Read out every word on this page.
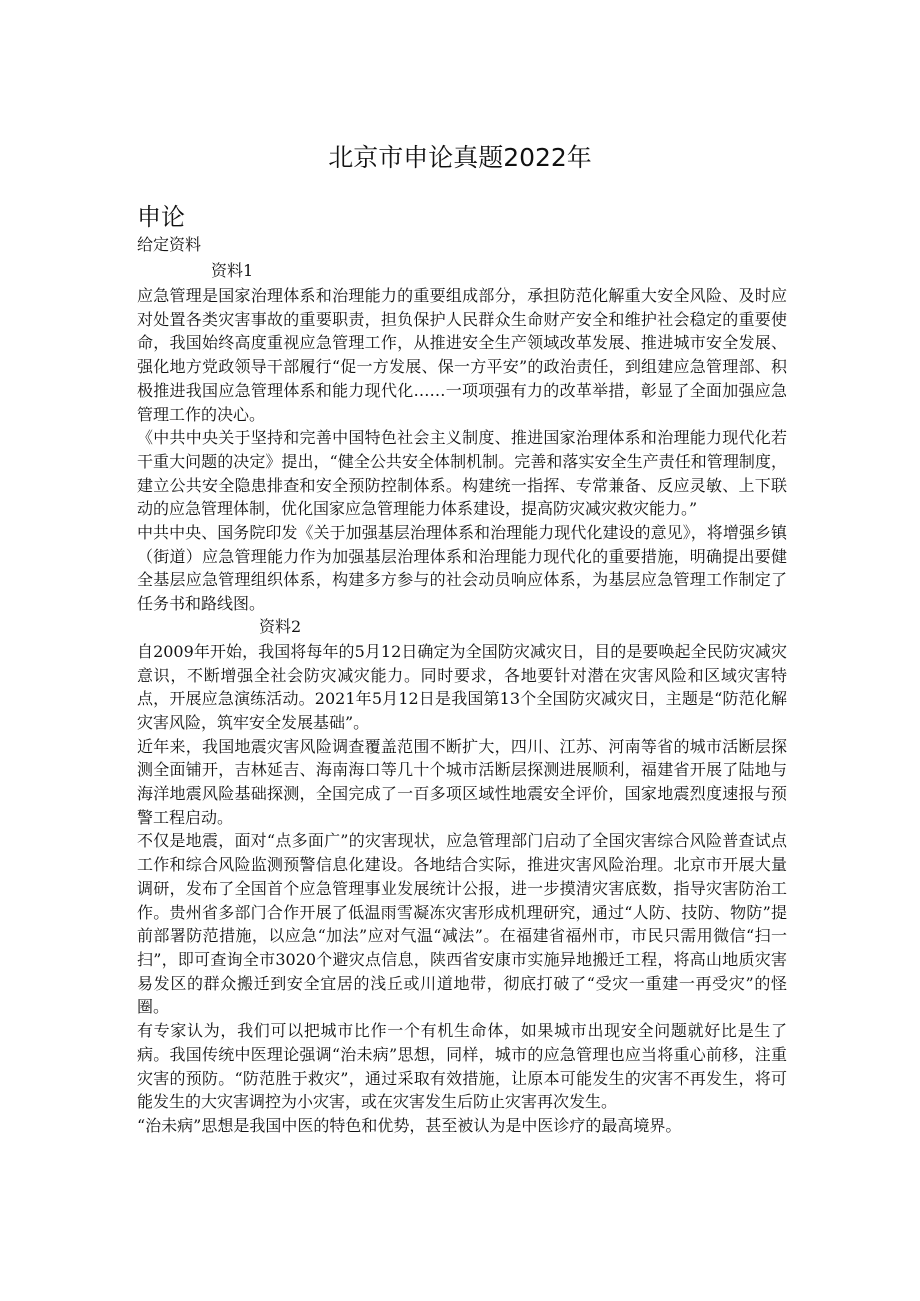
北京市申论真题2022年
申论
给定资料
资料1

应急管理是国家治理体系和治理能力的重要组成部分，承担防范化解重大安全风险、及时应对处置各类灾害事故的重要职责，担负保护人民群众生命财产安全和维护社会稳定的重要使命，我国始终高度重视应急管理工作，从推进安全生产领域改革发展、推进城市安全发展、强化地方党政领导干部履行“促一方发展、保一方平安”的政治责任，到组建应急管理部、积极推进我国应急管理体系和能力现代化……一项项强有力的改革举措，彰显了全面加强应急管理工作的决心。

《中共中央关于坚持和完善中国特色社会主义制度、推进国家治理体系和治理能力现代化若干重大问题的决定》提出，“健全公共安全体制机制。完善和落实安全生产责任和管理制度，建立公共安全隐患排查和安全预防控制体系。构建统一指挥、专常兼备、反应灵敏、上下联动的应急管理体制，优化国家应急管理能力体系建设，提高防灾减灾救灾能力。”

中共中央、国务院印发《关于加强基层治理体系和治理能力现代化建设的意见》，将增强乡镇（街道）应急管理能力作为加强基层治理体系和治理能力现代化的重要措施，明确提出要健全基层应急管理组织体系，构建多方参与的社会动员响应体系，为基层应急管理工作制定了任务书和路线图。

资料2

自2009年开始，我国将每年的5月12日确定为全国防灾减灾日，目的是要唤起全民防灾减灾意识，不断增强全社会防灾减灾能力。同时要求，各地要针对潜在灾害风险和区域灾害特点，开展应急演练活动。2021年5月12日是我国第13个全国防灾减灾日，主题是“防范化解灾害风险，筑牢安全发展基础”。

近年来，我国地震灾害风险调查覆盖范围不断扩大，四川、江苏、河南等省的城市活断层探测全面铺开，吉林延吉、海南海口等几十个城市活断层探测进展顺利，福建省开展了陆地与海洋地震风险基础探测，全国完成了一百多项区域性地震安全评价，国家地震烈度速报与预警工程启动。

不仅是地震，面对“点多面广”的灾害现状，应急管理部门启动了全国灾害综合风险普查试点工作和综合风险监测预警信息化建设。各地结合实际，推进灾害风险治理。北京市开展大量调研，发布了全国首个应急管理事业发展统计公报，进一步摸清灾害底数，指导灾害防治工作。贵州省多部门合作开展了低温雨雪凝冻灾害形成机理研究，通过“人防、技防、物防”提前部署防范措施，以应急“加法”应对气温“减法”。在福建省福州市，市民只需用微信“扫一扫”，即可查询全市3020个避灾点信息，陕西省安康市实施异地搬迁工程，将高山地质灾害易发区的群众搬迁到安全宜居的浅丘或川道地带，彻底打破了“受灾一重建一再受灾”的怪圈。

有专家认为，我们可以把城市比作一个有机生命体，如果城市出现安全问题就好比是生了病。我国传统中医理论强调“治未病”思想，同样，城市的应急管理也应当将重心前移，注重灾害的预防。“防范胜于救灾”，通过采取有效措施，让原本可能发生的灾害不再发生，将可能发生的大灾害调控为小灾害，或在灾害发生后防止灾害再次发生。

“治未病”思想是我国中医的特色和优势，甚至被认为是中医诊疗的最高境界。
